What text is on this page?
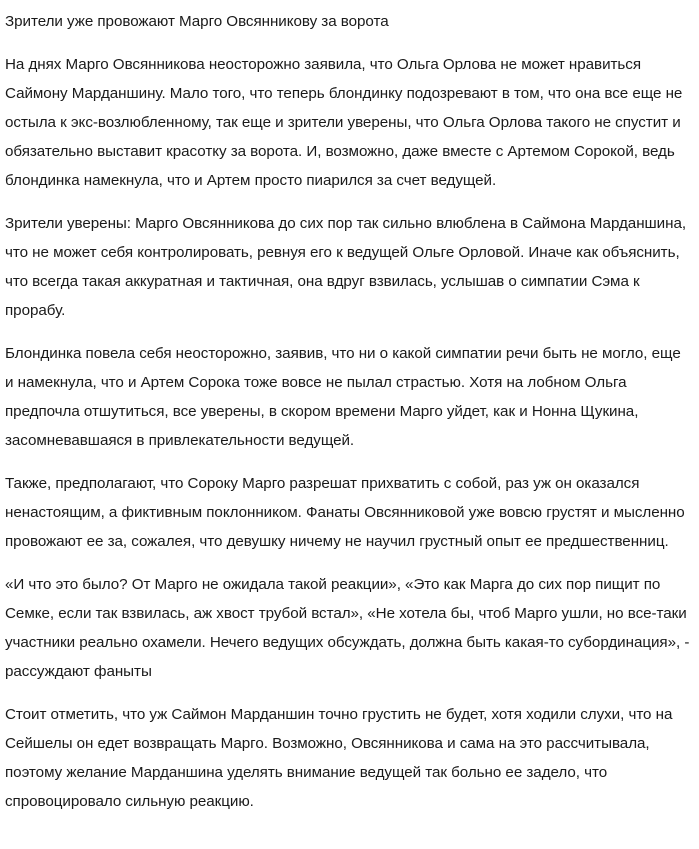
Зрители уже провожают Марго Овсянникову за ворота

На днях Марго Овсянникова неосторожно заявила, что Ольга Орлова не может нравиться Саймону Марданшину. Мало того, что теперь блондинку подозревают в том, что она все еще не остыла к экс-возлюбленному, так еще и зрители уверены, что Ольга Орлова такого не спустит и обязательно выставит красотку за ворота. И, возможно, даже вместе с Артемом Сорокой, ведь блондинка намекнула, что и Артем просто пиарился за счет ведущей.

Зрители уверены: Марго Овсянникова до сих пор так сильно влюблена в Саймона Марданшина, что не может себя контролировать, ревнуя его к ведущей Ольге Орловой. Иначе как объяснить, что всегда такая аккуратная и тактичная, она вдруг взвилась, услышав о симпатии Сэма к прорабу.

Блондинка повела себя неосторожно, заявив, что ни о какой симпатии речи быть не могло, еще и намекнула, что и Артем Сорока тоже вовсе не пылал страстью. Хотя на лобном Ольга предпочла отшутиться, все уверены, в скором времени Марго уйдет, как и Нонна Щукина, засомневавшаяся в привлекательности ведущей.

Также, предполагают, что Сороку Марго разрешат прихватить с собой, раз уж он оказался ненастоящим, а фиктивным поклонником. Фанаты Овсянниковой уже вовсю грустят и мысленно провожают ее за, сожалея, что девушку ничему не научил грустный опыт ее предшественниц.

«И что это было? От Марго не ожидала такой реакции», «Это как Марга до сих пор пищит по Семке, если так взвилась, аж хвост трубой встал», «Не хотела бы, чтоб Марго ушли, но все-таки участники реально охамели. Нечего ведущих обсуждать, должна быть какая-то субординация», - рассуждают фаныты

Стоит отметить, что уж Саймон Марданшин точно грустить не будет, хотя ходили слухи, что на Сейшелы он едет возвращать Марго. Возможно, Овсянникова и сама на это рассчитывала, поэтому желание Марданшина уделять внимание ведущей так больно ее задело, что спровоцировало сильную реакцию.
